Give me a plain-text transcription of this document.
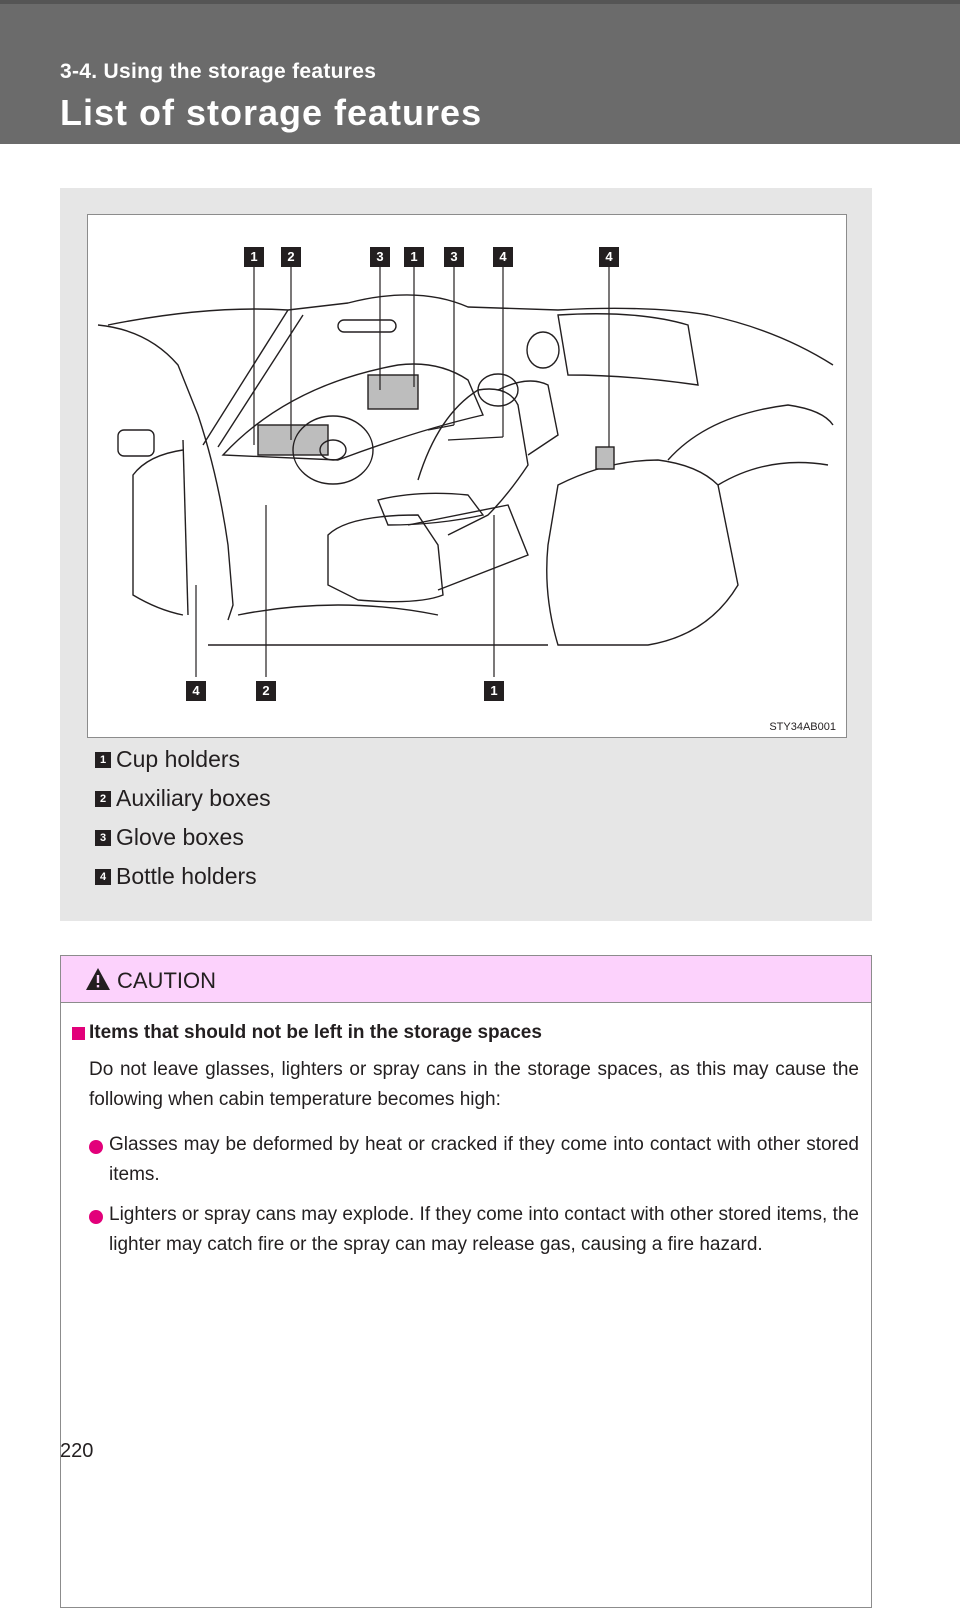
3-4. Using the storage features
List of storage features
1	2	3	1	3	4	4
4	2	1
STY34AB001
1 Cup holders
2 Auxiliary boxes
3 Glove boxes
4 Bottle holders
CAUTION
Items that should not be left in the storage spaces
Do not leave glasses, lighters or spray cans in the storage spaces, as this may cause the following when cabin temperature becomes high:
Glasses may be deformed by heat or cracked if they come into contact with other stored items.
Lighters or spray cans may explode. If they come into contact with other stored items, the lighter may catch fire or the spray can may release gas, causing a fire hazard.
220
